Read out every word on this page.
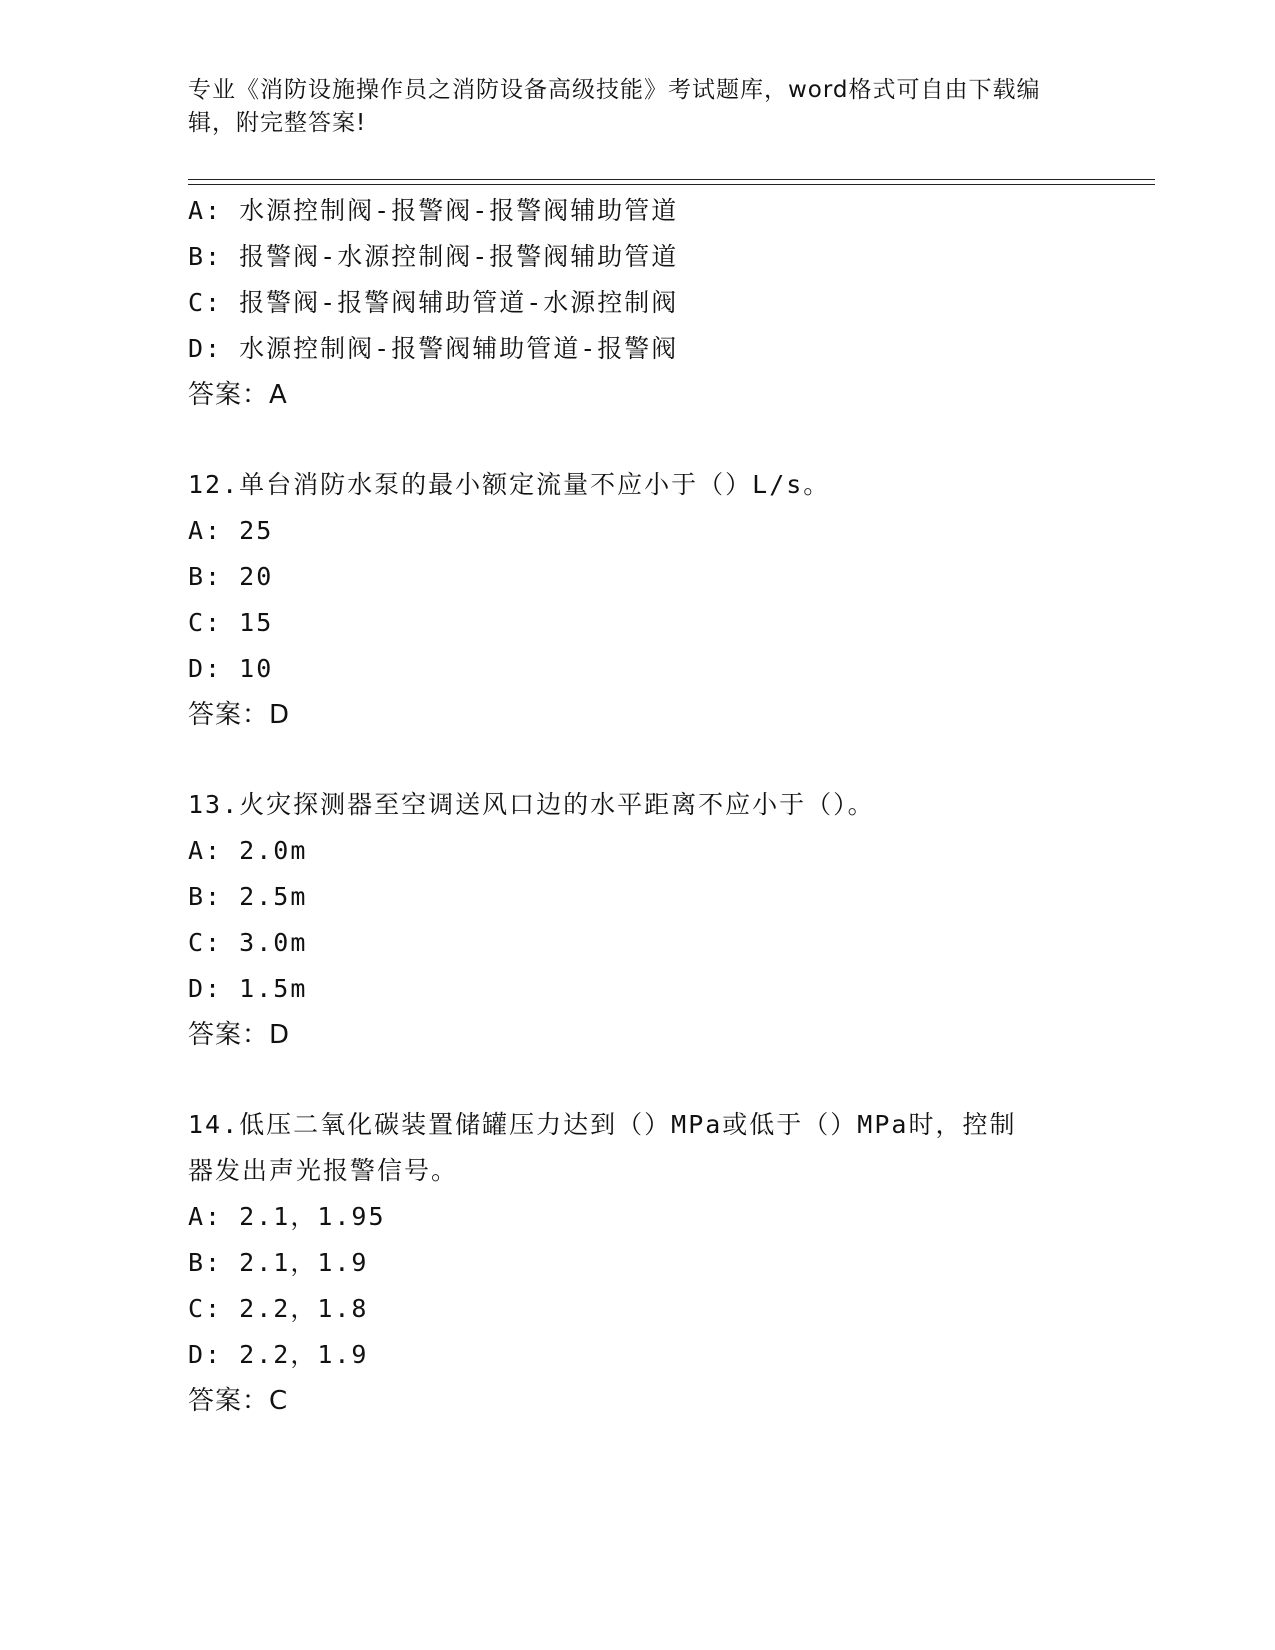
专业《消防设施操作员之消防设备高级技能》考试题库，word格式可自由下载编
辑，附完整答案!
A: 水源控制阀-报警阀-报警阀辅助管道
B: 报警阀-水源控制阀-报警阀辅助管道
C: 报警阀-报警阀辅助管道-水源控制阀
D: 水源控制阀-报警阀辅助管道-报警阀
答案：A
12.单台消防水泵的最小额定流量不应小于（）L/s。
A: 25
B: 20
C: 15
D: 10
答案：D
13.火灾探测器至空调送风口边的水平距离不应小于（）。
A: 2.0m
B: 2.5m
C: 3.0m
D: 1.5m
答案：D
14.低压二氧化碳装置储罐压力达到（）MPa或低于（）MPa时，控制
器发出声光报警信号。
A: 2.1，1.95
B: 2.1，1.9
C: 2.2，1.8
D: 2.2，1.9
答案：C
